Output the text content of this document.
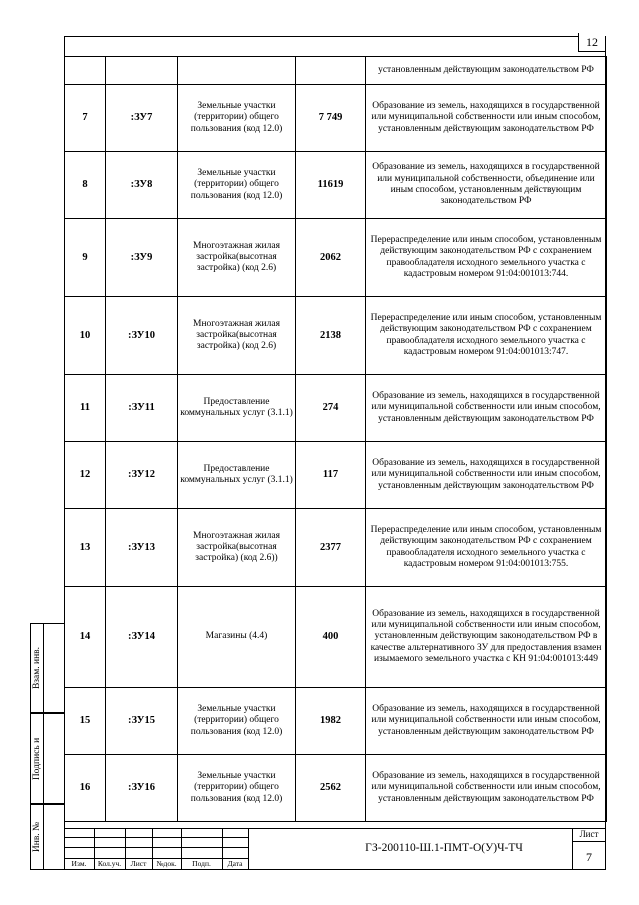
12
				установленным действующим законодательством РФ
7	:ЗУ7	Земельные участки (территории) общего пользования (код 12.0)	7 749	Образование из земель, находящихся в государственной или муниципальной собственности или иным способом, установленным действующим законодательством РФ
8	:ЗУ8	Земельные участки (территории) общего пользования (код 12.0)	11619	Образование из земель, находящихся в государственной или муниципальной собственности, объединение или иным способом, установленным действующим законодательством РФ
9	:ЗУ9	Многоэтажная жилая застройка(высотная застройка) (код 2.6)	2062	Перераспределение или иным способом, установленным действующим законодательством РФ с сохранением правообладателя исходного земельного участка с кадастровым номером 91:04:001013:744.
10	:ЗУ10	Многоэтажная жилая застройка(высотная застройка) (код 2.6)	2138	Перераспределение или иным способом, установленным действующим законодательством РФ с сохранением правообладателя исходного земельного участка с кадастровым номером 91:04:001013:747.
11	:ЗУ11	Предоставление коммунальных услуг (3.1.1)	274	Образование из земель, находящихся в государственной или муниципальной собственности или иным способом, установленным действующим законодательством РФ
12	:ЗУ12	Предоставление коммунальных услуг (3.1.1)	117	Образование из земель, находящихся в государственной или муниципальной собственности или иным способом, установленным действующим законодательством РФ
13	:ЗУ13	Многоэтажная жилая застройка(высотная застройка) (код 2.6))	2377	Перераспределение или иным способом, установленным действующим законодательством РФ с сохранением правообладателя исходного земельного участка с кадастровым номером 91:04:001013:755.
14	:ЗУ14	Магазины (4.4)	400	Образование из земель, находящихся в государственной или муниципальной собственности или иным способом, установленным действующим законодательством РФ в качестве альтернативного ЗУ для предоставления взамен изымаемого земельного участка с КН 91:04:001013:449
15	:ЗУ15	Земельные участки (территории) общего пользования (код 12.0)	1982	Образование из земель, находящихся в государственной или муниципальной собственности или иным способом, установленным действующим законодательством РФ
16	:ЗУ16	Земельные участки (территории) общего пользования (код 12.0)	2562	Образование из земель, находящихся в государственной или муниципальной собственности или иным способом, установленным действующим законодательством РФ
Взам. инв.
Подпись и
Инв. №
Изм.	Кол.уч.	Лист	№док.	Подп.	Дата
ГЗ-200110-Ш.1-ПМТ-О(У)Ч-ТЧ
Лист
7
